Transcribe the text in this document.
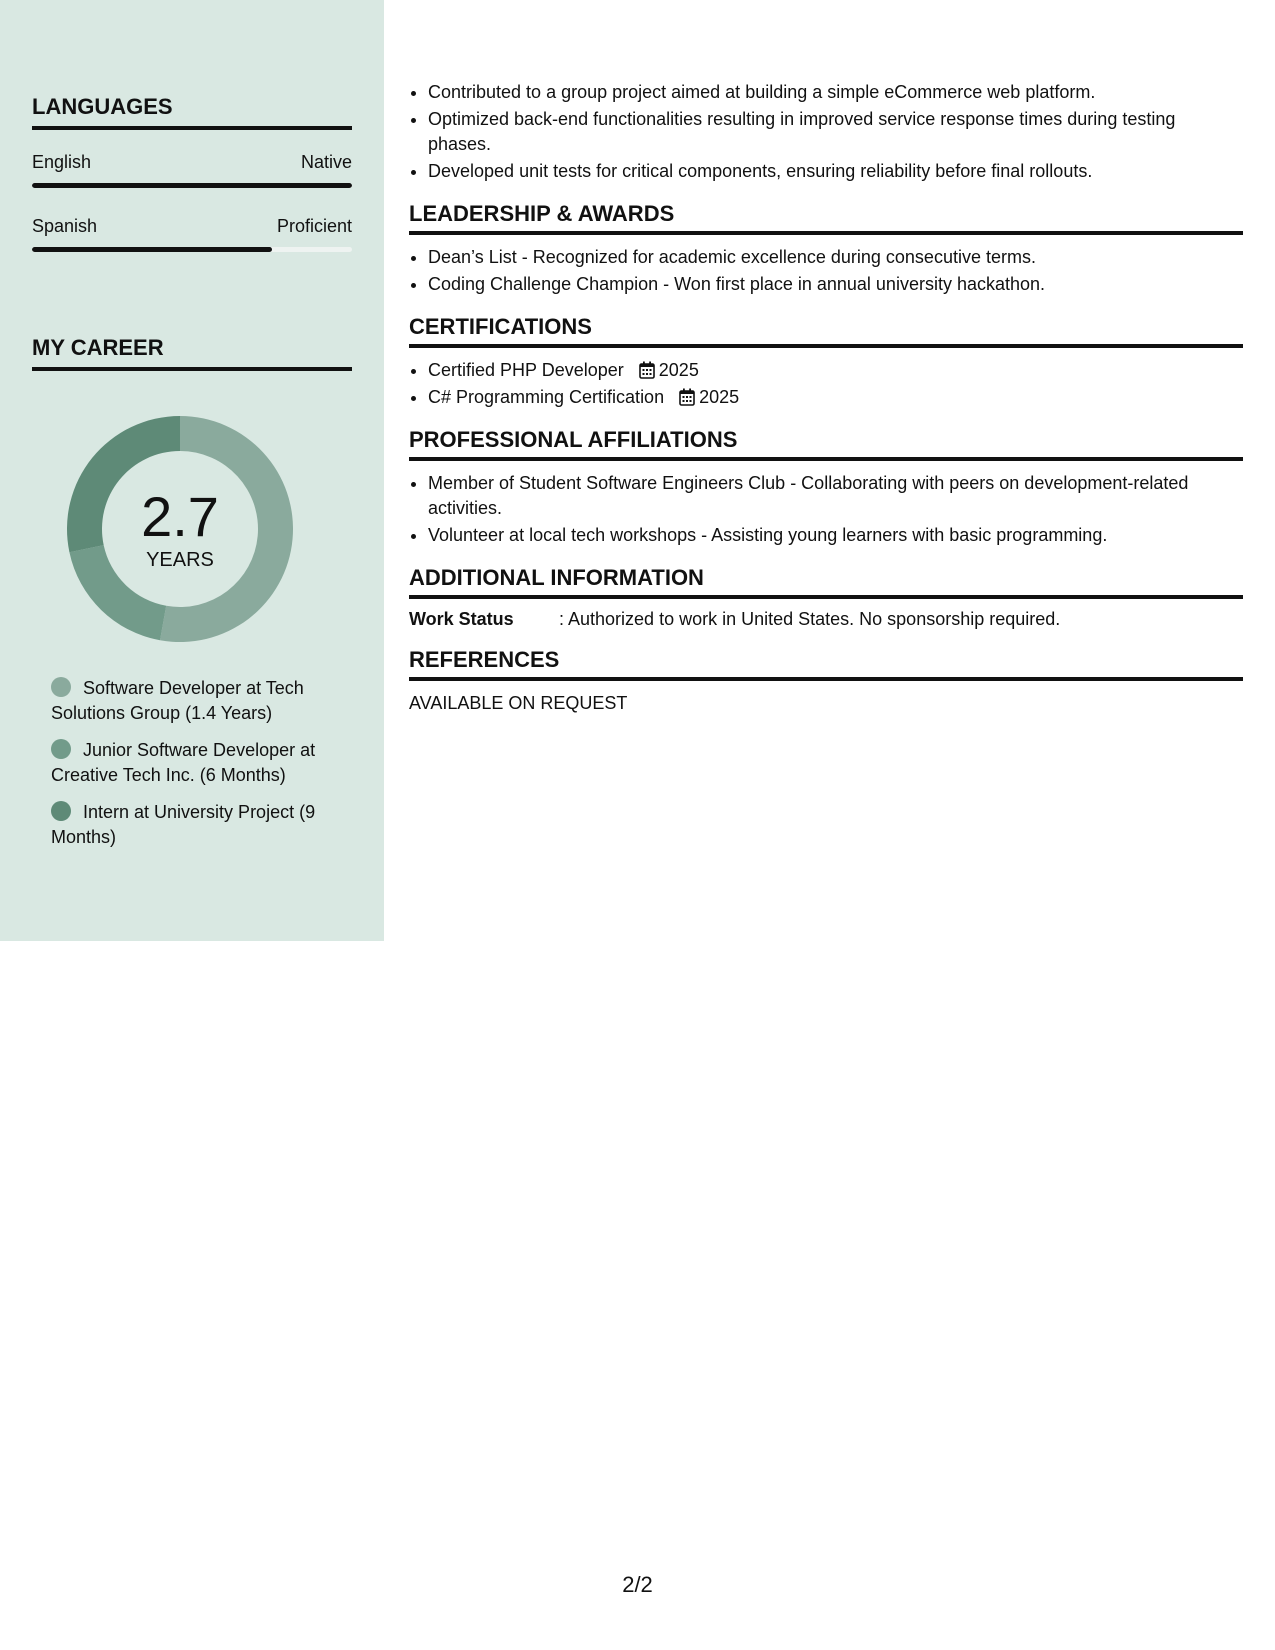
LANGUAGES
English	Native
Spanish	Proficient
MY CAREER
2.7
YEARS
Software Developer at Tech Solutions Group (1.4 Years)
Junior Software Developer at Creative Tech Inc. (6 Months)
Intern at University Project (9 Months)
• Contributed to a group project aimed at building a simple eCommerce web platform.
• Optimized back-end functionalities resulting in improved service response times during testing phases.
• Developed unit tests for critical components, ensuring reliability before final rollouts.
LEADERSHIP & AWARDS
• Dean’s List - Recognized for academic excellence during consecutive terms.
• Coding Challenge Champion - Won first place in annual university hackathon.
CERTIFICATIONS
• Certified PHP Developer 2025
• C# Programming Certification 2025
PROFESSIONAL AFFILIATIONS
• Member of Student Software Engineers Club - Collaborating with peers on development-related activities.
• Volunteer at local tech workshops - Assisting young learners with basic programming.
ADDITIONAL INFORMATION
Work Status	: Authorized to work in United States. No sponsorship required.
REFERENCES
AVAILABLE ON REQUEST
2/2
